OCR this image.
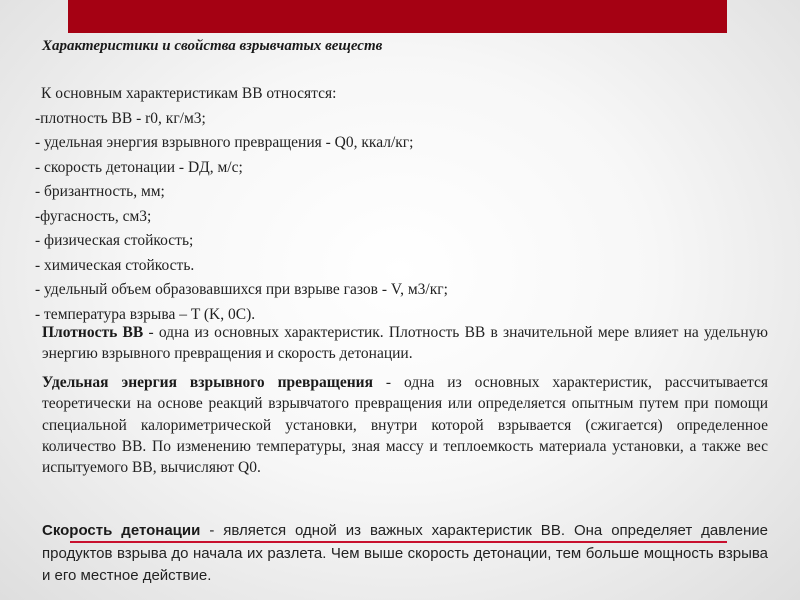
Характеристики и свойства взрывчатых веществ
К основным характеристикам ВВ относятся:
-плотность ВВ - r0, кг/м3;
- удельная энергия взрывного превращения - Q0, ккал/кг;
- скорость детонации - DД, м/с;
- бризантность, мм;
-фугасность, см3;
- физическая стойкость;
- химическая стойкость.
- удельный объем образовавшихся при взрыве газов - V, м3/кг;
- температура взрыва – T (K, 0C).
Плотность ВВ - одна из основных характеристик. Плотность ВВ в значительной мере влияет на удельную энергию взрывного превращения и скорость детонации.
Удельная энергия взрывного превращения - одна из основных характеристик, рассчитывается теоретически на основе реакций взрывчатого превращения или определяется опытным путем при помощи специальной калориметрической установки, внутри которой взрывается (сжигается) определенное количество ВВ. По изменению температуры, зная массу и теплоемкость материала установки, а также вес испытуемого ВВ, вычисляют Q0.
Скорость детонации - является одной из важных характеристик ВВ. Она определяет давление продуктов взрыва до начала их разлета. Чем выше скорость детонации, тем больше мощность взрыва и его местное действие.
